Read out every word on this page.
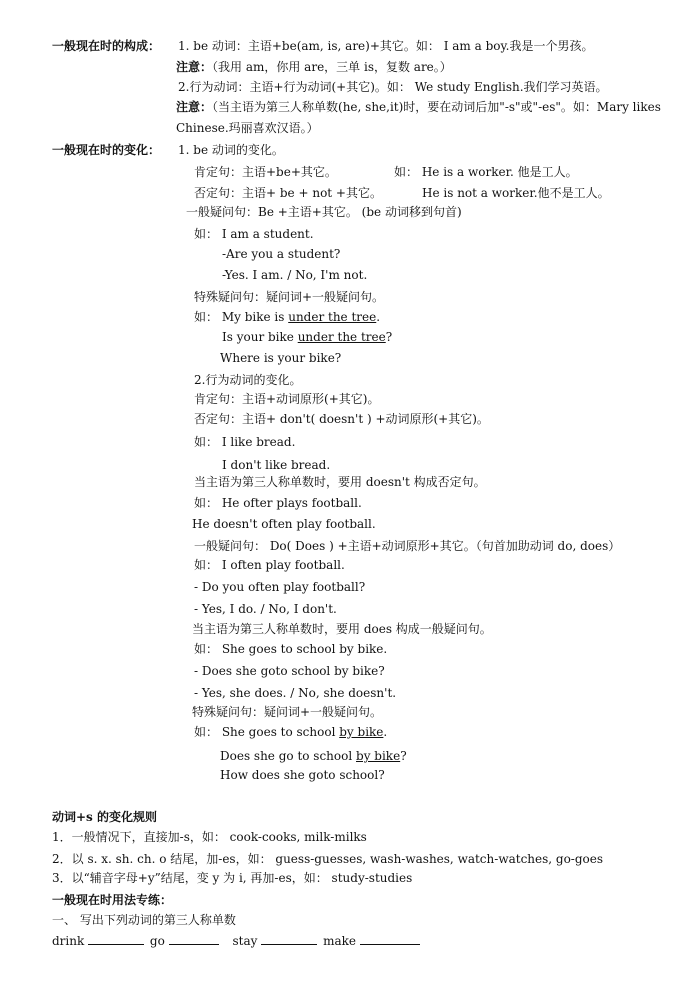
一般现在时的构成： 1. be 动词：主语+be(am, is, are)+其它。如： I am a boy.我是一个男孩。
注意：（我用 am，你用 are，三单 is，复数 are。）
2.行为动词：主语+行为动词(+其它)。如： We study English.我们学习英语。
注意：（当主语为第三人称单数(he, she,it)时，要在动词后加"-s"或"-es"。如：Mary likes
Chinese.玛丽喜欢汉语。）
一般现在时的变化： 1. be 动词的变化。
肯定句：主语+be+其它。	如： He is a worker. 他是工人。
否定句：主语+ be + not +其它。	He is not a worker.他不是工人。
一般疑问句：Be +主语+其它。 (be 动词移到句首)
如： I am a student.
-Are you a student?
-Yes. I am. / No, I'm not.
特殊疑问句：疑问词+一般疑问句。
如： My bike is under the tree.
Is your bike under the tree?
Where is your bike?
2.行为动词的变化。
肯定句：主语+动词原形(+其它)。
否定句：主语+ don't( doesn't ) +动词原形(+其它)。
如： I like bread.
I don't like bread.
当主语为第三人称单数时，要用 doesn't 构成否定句。
如： He ofter plays football.
He doesn't often play football.
一般疑问句： Do( Does ) +主语+动词原形+其它。（句首加助动词 do, does）
如： I often play football.
- Do you often play football?
- Yes, I do. / No, I don't.
当主语为第三人称单数时，要用 does 构成一般疑问句。
如： She goes to school by bike.
- Does she goto school by bike?
- Yes, she does. / No, she doesn't.
特殊疑问句：疑问词+一般疑问句。
如： She goes to school by bike.
Does she go to school by bike?
How does she goto school?
动词+s 的变化规则
1．一般情况下，直接加-s，如： cook-cooks, milk-milks
2．以 s. x. sh. ch. o 结尾，加-es，如： guess-guesses, wash-washes, watch-watches, go-goes
3．以“辅音字母+y”结尾，变 y 为 i, 再加-es，如： study-studies
一般现在时用法专练：
一、 写出下列动词的第三人称单数
drink	go	stay	make
